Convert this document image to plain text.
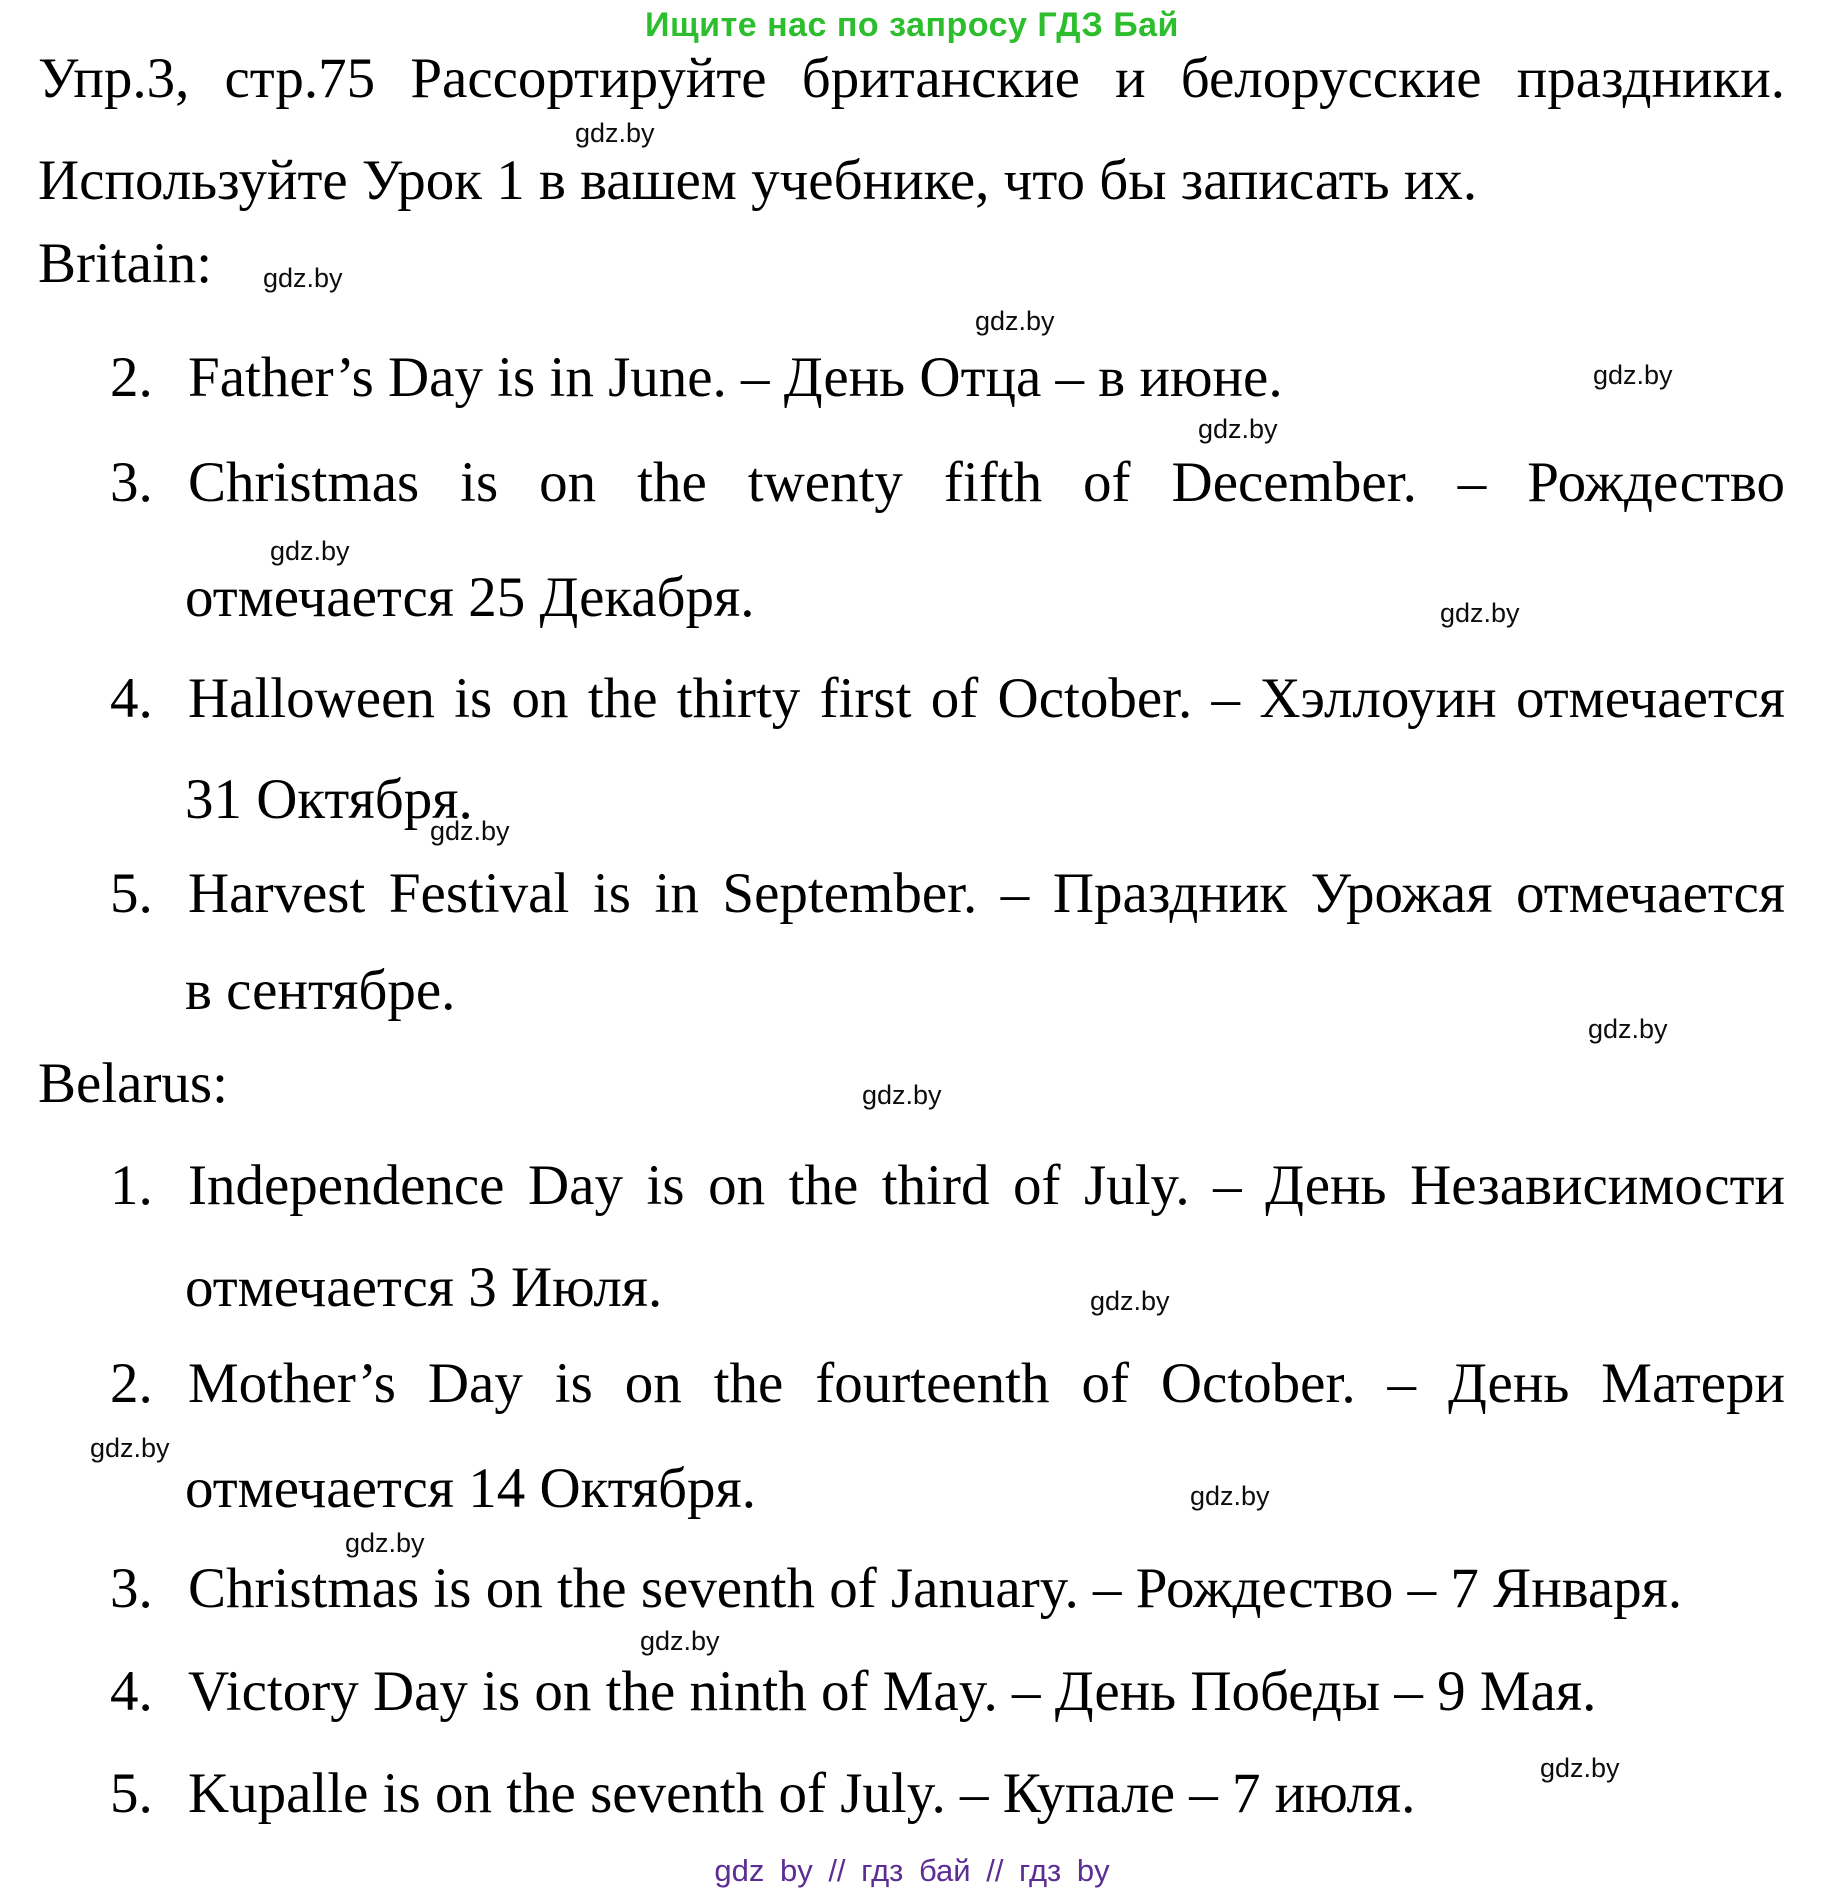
Ищите нас по запросу ГДЗ Бай
Упр.3, стр.75 Рассортируйте британские и белорусские праздники.
gdz.by
Используйте Урок 1 в вашем учебнике, что бы записать их.
Britain: gdz.by
gdz.by
2. Father’s Day is in June. – День Отца – в июне.	gdz.by
gdz.by
3. Christmas is on the twenty fifth of December. – Рождество
gdz.by
отмечается 25 Декабря.	gdz.by
4. Halloween is on the thirty first of October. – Хэллоуин отмечается
31 Октября.
gdz.by
5. Harvest Festival is in September. – Праздник Урожая отмечается
в сентябре.
gdz.by
Belarus:	gdz.by
1. Independence Day is on the third of July. – День Независимости
отмечается 3 Июля.	gdz.by
2. Mother’s Day is on the fourteenth of October. – День Матери
gdz.by
отмечается 14 Октября.	gdz.by
gdz.by
3. Christmas is on the seventh of January. – Рождество – 7 Января.
gdz.by
4. Victory Day is on the ninth of May. – День Победы – 9 Мая.
5. Kupalle is on the seventh of July. – Купале – 7 июля.	gdz.by
gdz by // гдз бай // гдз by
